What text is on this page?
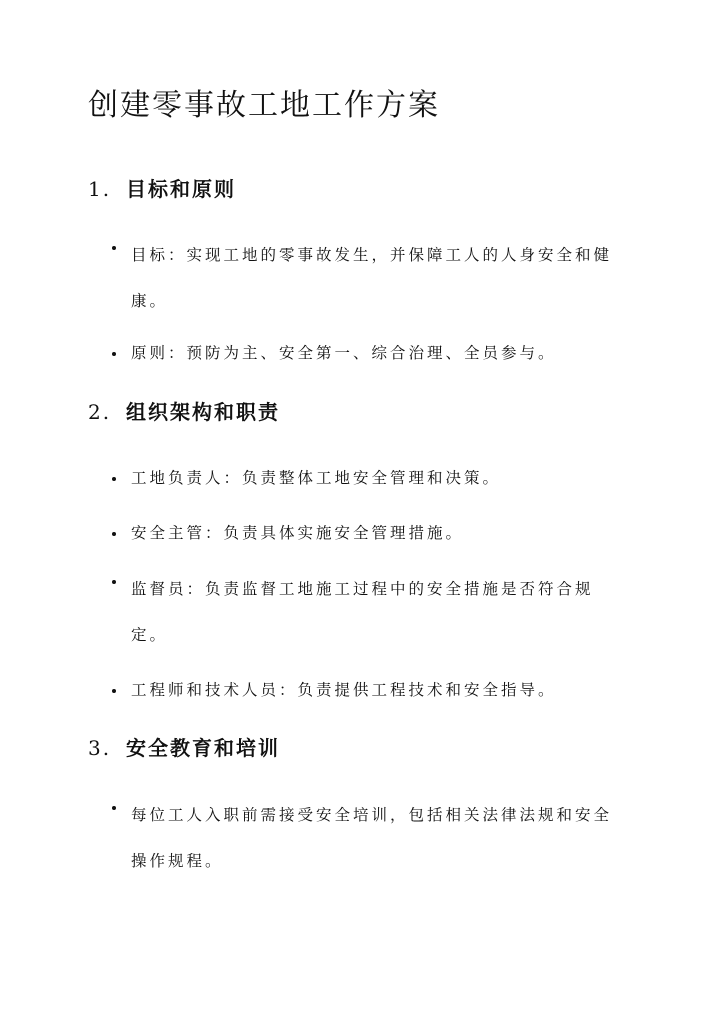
创建零事故工地工作方案
1. 目标和原则
目标：实现工地的零事故发生，并保障工人的人身安全和健康。
原则：预防为主、安全第一、综合治理、全员参与。
2. 组织架构和职责
工地负责人：负责整体工地安全管理和决策。
安全主管：负责具体实施安全管理措施。
监督员：负责监督工地施工过程中的安全措施是否符合规定。
工程师和技术人员：负责提供工程技术和安全指导。
3. 安全教育和培训
每位工人入职前需接受安全培训，包括相关法律法规和安全操作规程。
